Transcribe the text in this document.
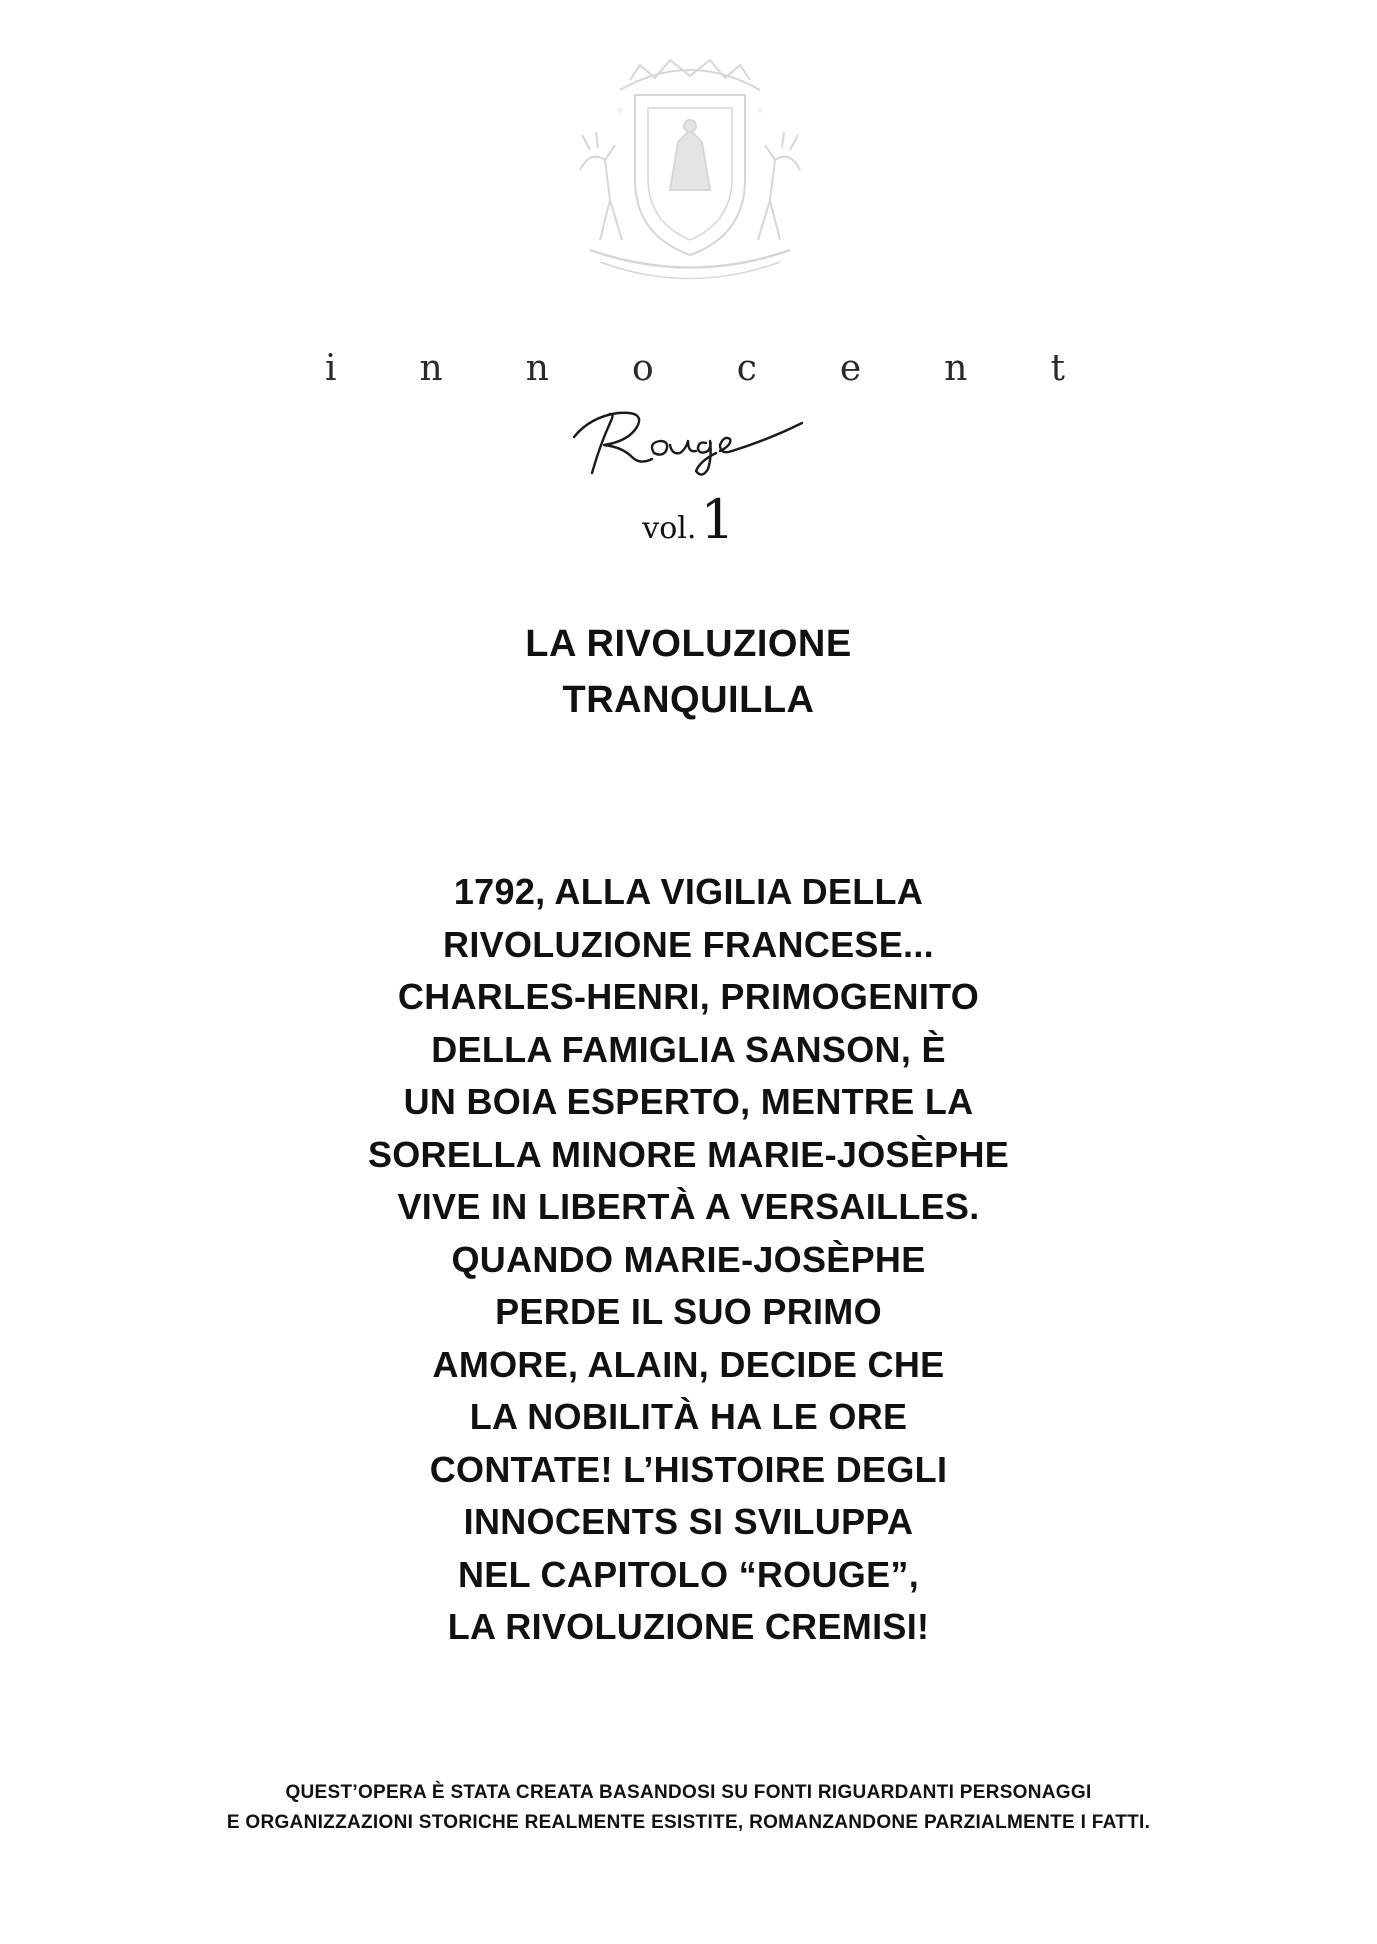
i n n o c e n t
vol.1
LA RIVOLUZIONE
TRANQUILLA
1792, ALLA VIGILIA DELLA
RIVOLUZIONE FRANCESE...
CHARLES-HENRI, PRIMOGENITO
DELLA FAMIGLIA SANSON, È
UN BOIA ESPERTO, MENTRE LA
SORELLA MINORE MARIE-JOSÈPHE
VIVE IN LIBERTÀ A VERSAILLES.
QUANDO MARIE-JOSÈPHE
PERDE IL SUO PRIMO
AMORE, ALAIN, DECIDE CHE
LA NOBILITÀ HA LE ORE
CONTATE! L’HISTOIRE DEGLI
INNOCENTS SI SVILUPPA
NEL CAPITOLO “ROUGE”,
LA RIVOLUZIONE CREMISI!
QUEST’OPERA È STATA CREATA BASANDOSI SU FONTI RIGUARDANTI PERSONAGGI
E ORGANIZZAZIONI STORICHE REALMENTE ESISTITE, ROMANZANDONE PARZIALMENTE I FATTI.
